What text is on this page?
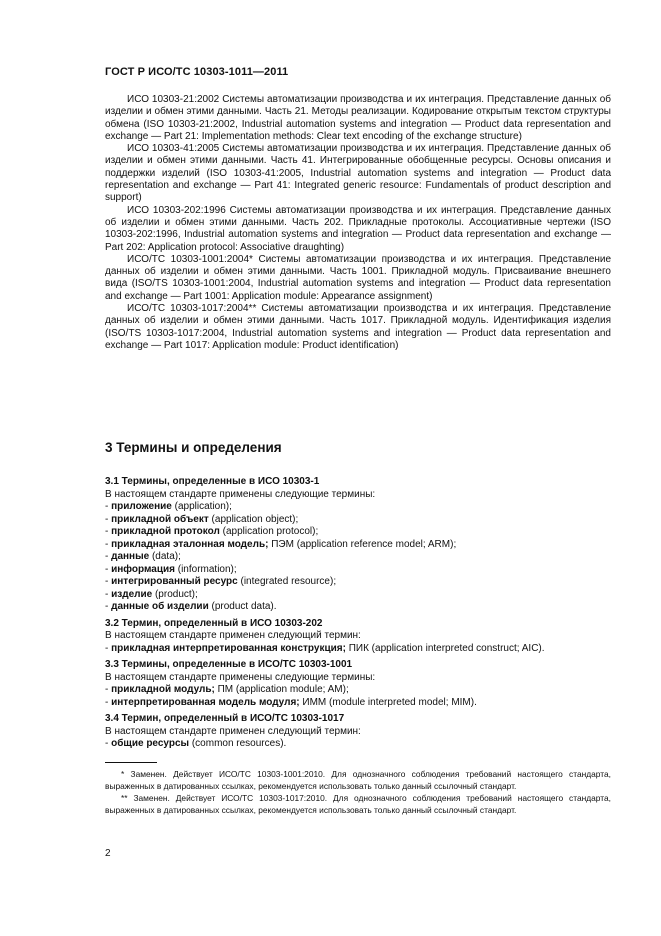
ГОСТ Р ИСО/ТС 10303-1011—2011

ИСО 10303-21:2002 Системы автоматизации производства и их интеграция. Представление данных об изделии и обмен этими данными. Часть 21. Методы реализации. Кодирование открытым текстом структуры обмена (ISO 10303-21:2002, Industrial automation systems and integration — Product data representation and exchange — Part 21: Implementation methods: Clear text encoding of the exchange structure)

ИСО 10303-41:2005 Системы автоматизации производства и их интеграция. Представление данных об изделии и обмен этими данными. Часть 41. Интегрированные обобщенные ресурсы. Основы описания и поддержки изделий (ISO 10303-41:2005, Industrial automation systems and integration — Product data representation and exchange — Part 41: Integrated generic resource: Fundamentals of product description and support)

ИСО 10303-202:1996 Системы автоматизации производства и их интеграция. Представление данных об изделии и обмен этими данными. Часть 202. Прикладные протоколы. Ассоциативные чертежи (ISO 10303-202:1996, Industrial automation systems and integration — Product data representation and exchange — Part 202: Application protocol: Associative draughting)

ИСО/ТС 10303-1001:2004* Системы автоматизации производства и их интеграция. Представление данных об изделии и обмен этими данными. Часть 1001. Прикладной модуль. Присваивание внешнего вида (ISO/TS 10303-1001:2004, Industrial automation systems and integration — Product data representation and exchange — Part 1001: Application module: Appearance assignment)

ИСО/ТС 10303-1017:2004** Системы автоматизации производства и их интеграция. Представление данных об изделии и обмен этими данными. Часть 1017. Прикладной модуль. Идентификация изделия (ISO/TS 10303-1017:2004, Industrial automation systems and integration — Product data representation and exchange — Part 1017: Application module: Product identification)

3 Термины и определения
3.1 Термины, определенные в ИСО 10303-1

В настоящем стандарте применены следующие термины:

- приложение (application);

- прикладной объект (application object);

- прикладной протокол (application protocol);

- прикладная эталонная модель; ПЭМ (application reference model; ARM);

- данные (data);

- информация (information);

- интегрированный ресурс (integrated resource);

- изделие (product);

- данные об изделии (product data).

3.2 Термин, определенный в ИСО 10303-202

В настоящем стандарте применен следующий термин:

- прикладная интерпретированная конструкция; ПИК (application interpreted construct; AIC).

3.3 Термины, определенные в ИСО/ТС 10303-1001

В настоящем стандарте применены следующие термины:

- прикладной модуль; ПМ (application module; AM);

- интерпретированная модель модуля; ИММ (module interpreted model; MIM).

3.4 Термин, определенный в ИСО/ТС 10303-1017

В настоящем стандарте применен следующий термин:

- общие ресурсы (common resources).

* Заменен. Действует ИСО/ТС 10303-1001:2010. Для однозначного соблюдения требований настоящего стандарта, выраженных в датированных ссылках, рекомендуется использовать только данный ссылочный стандарт.

** Заменен. Действует ИСО/ТС 10303-1017:2010. Для однозначного соблюдения требований настоящего стандарта, выраженных в датированных ссылках, рекомендуется использовать только данный ссылочный стандарт.

2
